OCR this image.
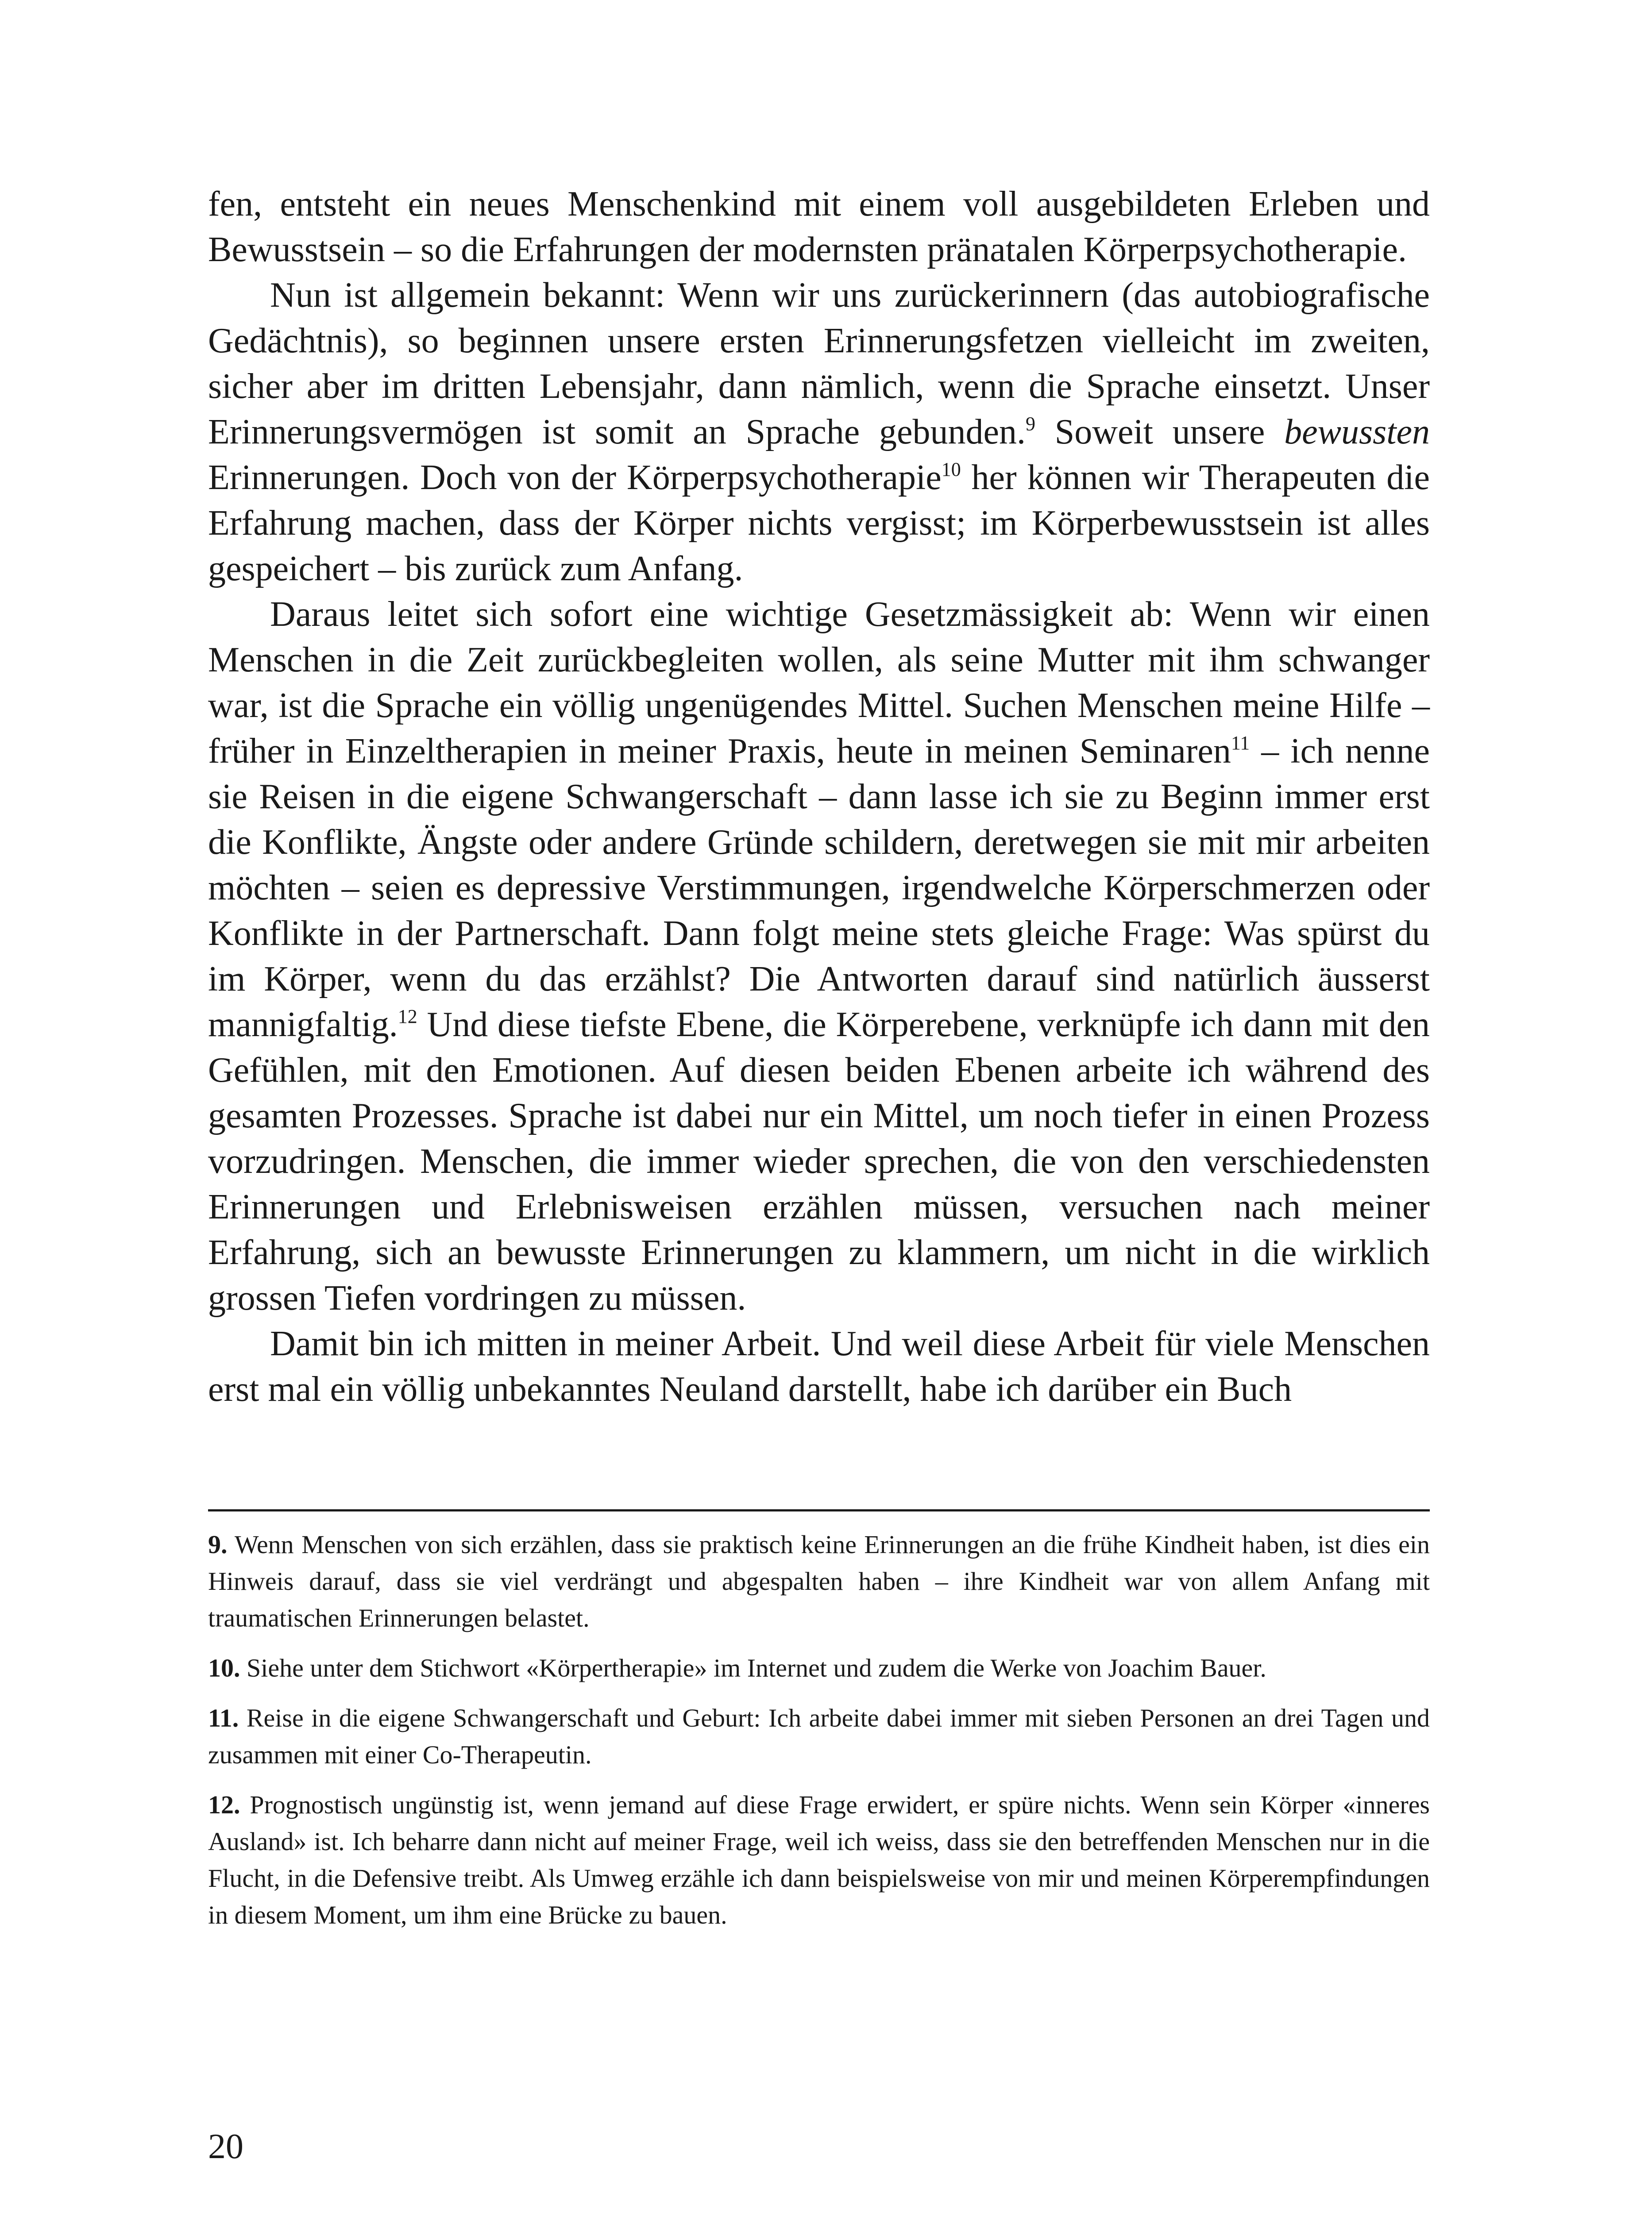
fen, entsteht ein neues Menschenkind mit einem voll ausgebildeten Erleben und Bewusstsein – so die Erfahrungen der modernsten pränatalen Körperpsychotherapie.

Nun ist allgemein bekannt: Wenn wir uns zurückerinnern (das autobiografische Gedächtnis), so beginnen unsere ersten Erinnerungsfetzen vielleicht im zweiten, sicher aber im dritten Lebensjahr, dann nämlich, wenn die Sprache einsetzt. Unser Erinnerungsvermögen ist somit an Sprache gebunden.$^9$ Soweit unsere bewussten Erinnerungen. Doch von der Körperpsychotherapie$^{10}$ her können wir Therapeuten die Erfahrung machen, dass der Körper nichts vergisst; im Körperbewusstsein ist alles gespeichert – bis zurück zum Anfang.

Daraus leitet sich sofort eine wichtige Gesetzmässigkeit ab: Wenn wir einen Menschen in die Zeit zurückbegleiten wollen, als seine Mutter mit ihm schwanger war, ist die Sprache ein völlig ungenügendes Mittel. Suchen Menschen meine Hilfe – früher in Einzeltherapien in meiner Praxis, heute in meinen Seminaren$^{11}$ – ich nenne sie Reisen in die eigene Schwangerschaft – dann lasse ich sie zu Beginn immer erst die Konflikte, Ängste oder andere Gründe schildern, deretwegen sie mit mir arbeiten möchten – seien es depressive Verstimmungen, irgendwelche Körperschmerzen oder Konflikte in der Partnerschaft. Dann folgt meine stets gleiche Frage: Was spürst du im Körper, wenn du das erzählst? Die Antworten darauf sind natürlich äusserst mannigfaltig.$^{12}$ Und diese tiefste Ebene, die Körperebene, verknüpfe ich dann mit den Gefühlen, mit den Emotionen. Auf diesen beiden Ebenen arbeite ich während des gesamten Prozesses. Sprache ist dabei nur ein Mittel, um noch tiefer in einen Prozess vorzudringen. Menschen, die immer wieder sprechen, die von den verschiedensten Erinnerungen und Erlebnisweisen erzählen müssen, versuchen nach meiner Erfahrung, sich an bewusste Erinnerungen zu klammern, um nicht in die wirklich grossen Tiefen vordringen zu müssen.

Damit bin ich mitten in meiner Arbeit. Und weil diese Arbeit für viele Menschen erst mal ein völlig unbekanntes Neuland darstellt, habe ich darüber ein Buch

9. Wenn Menschen von sich erzählen, dass sie praktisch keine Erinnerungen an die frühe Kindheit haben, ist dies ein Hinweis darauf, dass sie viel verdrängt und abgespalten haben – ihre Kindheit war von allem Anfang mit traumatischen Erinnerungen belastet.

10. Siehe unter dem Stichwort «Körpertherapie» im Internet und zudem die Werke von Joachim Bauer.

11. Reise in die eigene Schwangerschaft und Geburt: Ich arbeite dabei immer mit sieben Personen an drei Tagen und zusammen mit einer Co-Therapeutin.

12. Prognostisch ungünstig ist, wenn jemand auf diese Frage erwidert, er spüre nichts. Wenn sein Körper «inneres Ausland» ist. Ich beharre dann nicht auf meiner Frage, weil ich weiss, dass sie den betreffenden Menschen nur in die Flucht, in die Defensive treibt. Als Umweg erzähle ich dann beispielsweise von mir und meinen Körperempfindungen in diesem Moment, um ihm eine Brücke zu bauen.

20
